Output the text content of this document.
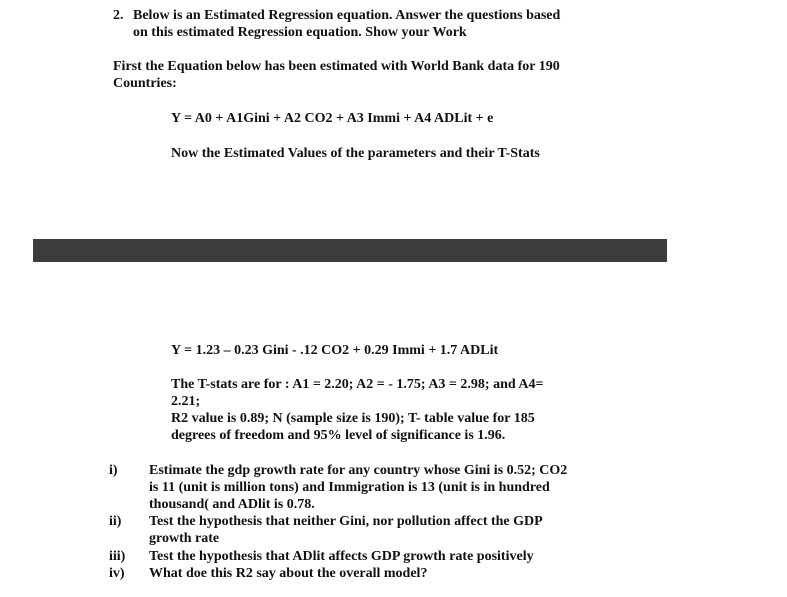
2. Below is an Estimated Regression equation. Answer the questions based
on this estimated Regression equation. Show your Work
First the Equation below has been estimated with World Bank data for 190
Countries:
Y = A0 + A1Gini + A2 CO2 + A3 Immi + A4 ADLit + e
Now the Estimated Values of the parameters and their T-Stats
Y = 1.23 – 0.23 Gini - .12 CO2 + 0.29 Immi + 1.7 ADLit
The T-stats are for : A1 = 2.20; A2 = - 1.75; A3 = 2.98; and A4=
2.21;
R2 value is 0.89; N (sample size is 190); T- table value for 185
degrees of freedom and 95% level of significance is 1.96.
i)	Estimate the gdp growth rate for any country whose Gini is 0.52; CO2 is 11 (unit is million tons) and Immigration is 13 (unit is in hundred thousand( and ADlit is 0.78.
ii)	Test the hypothesis that neither Gini, nor pollution affect the GDP growth rate
iii)	Test the hypothesis that ADlit affects GDP growth rate positively
iv)	What doe this R2 say about the overall model?
